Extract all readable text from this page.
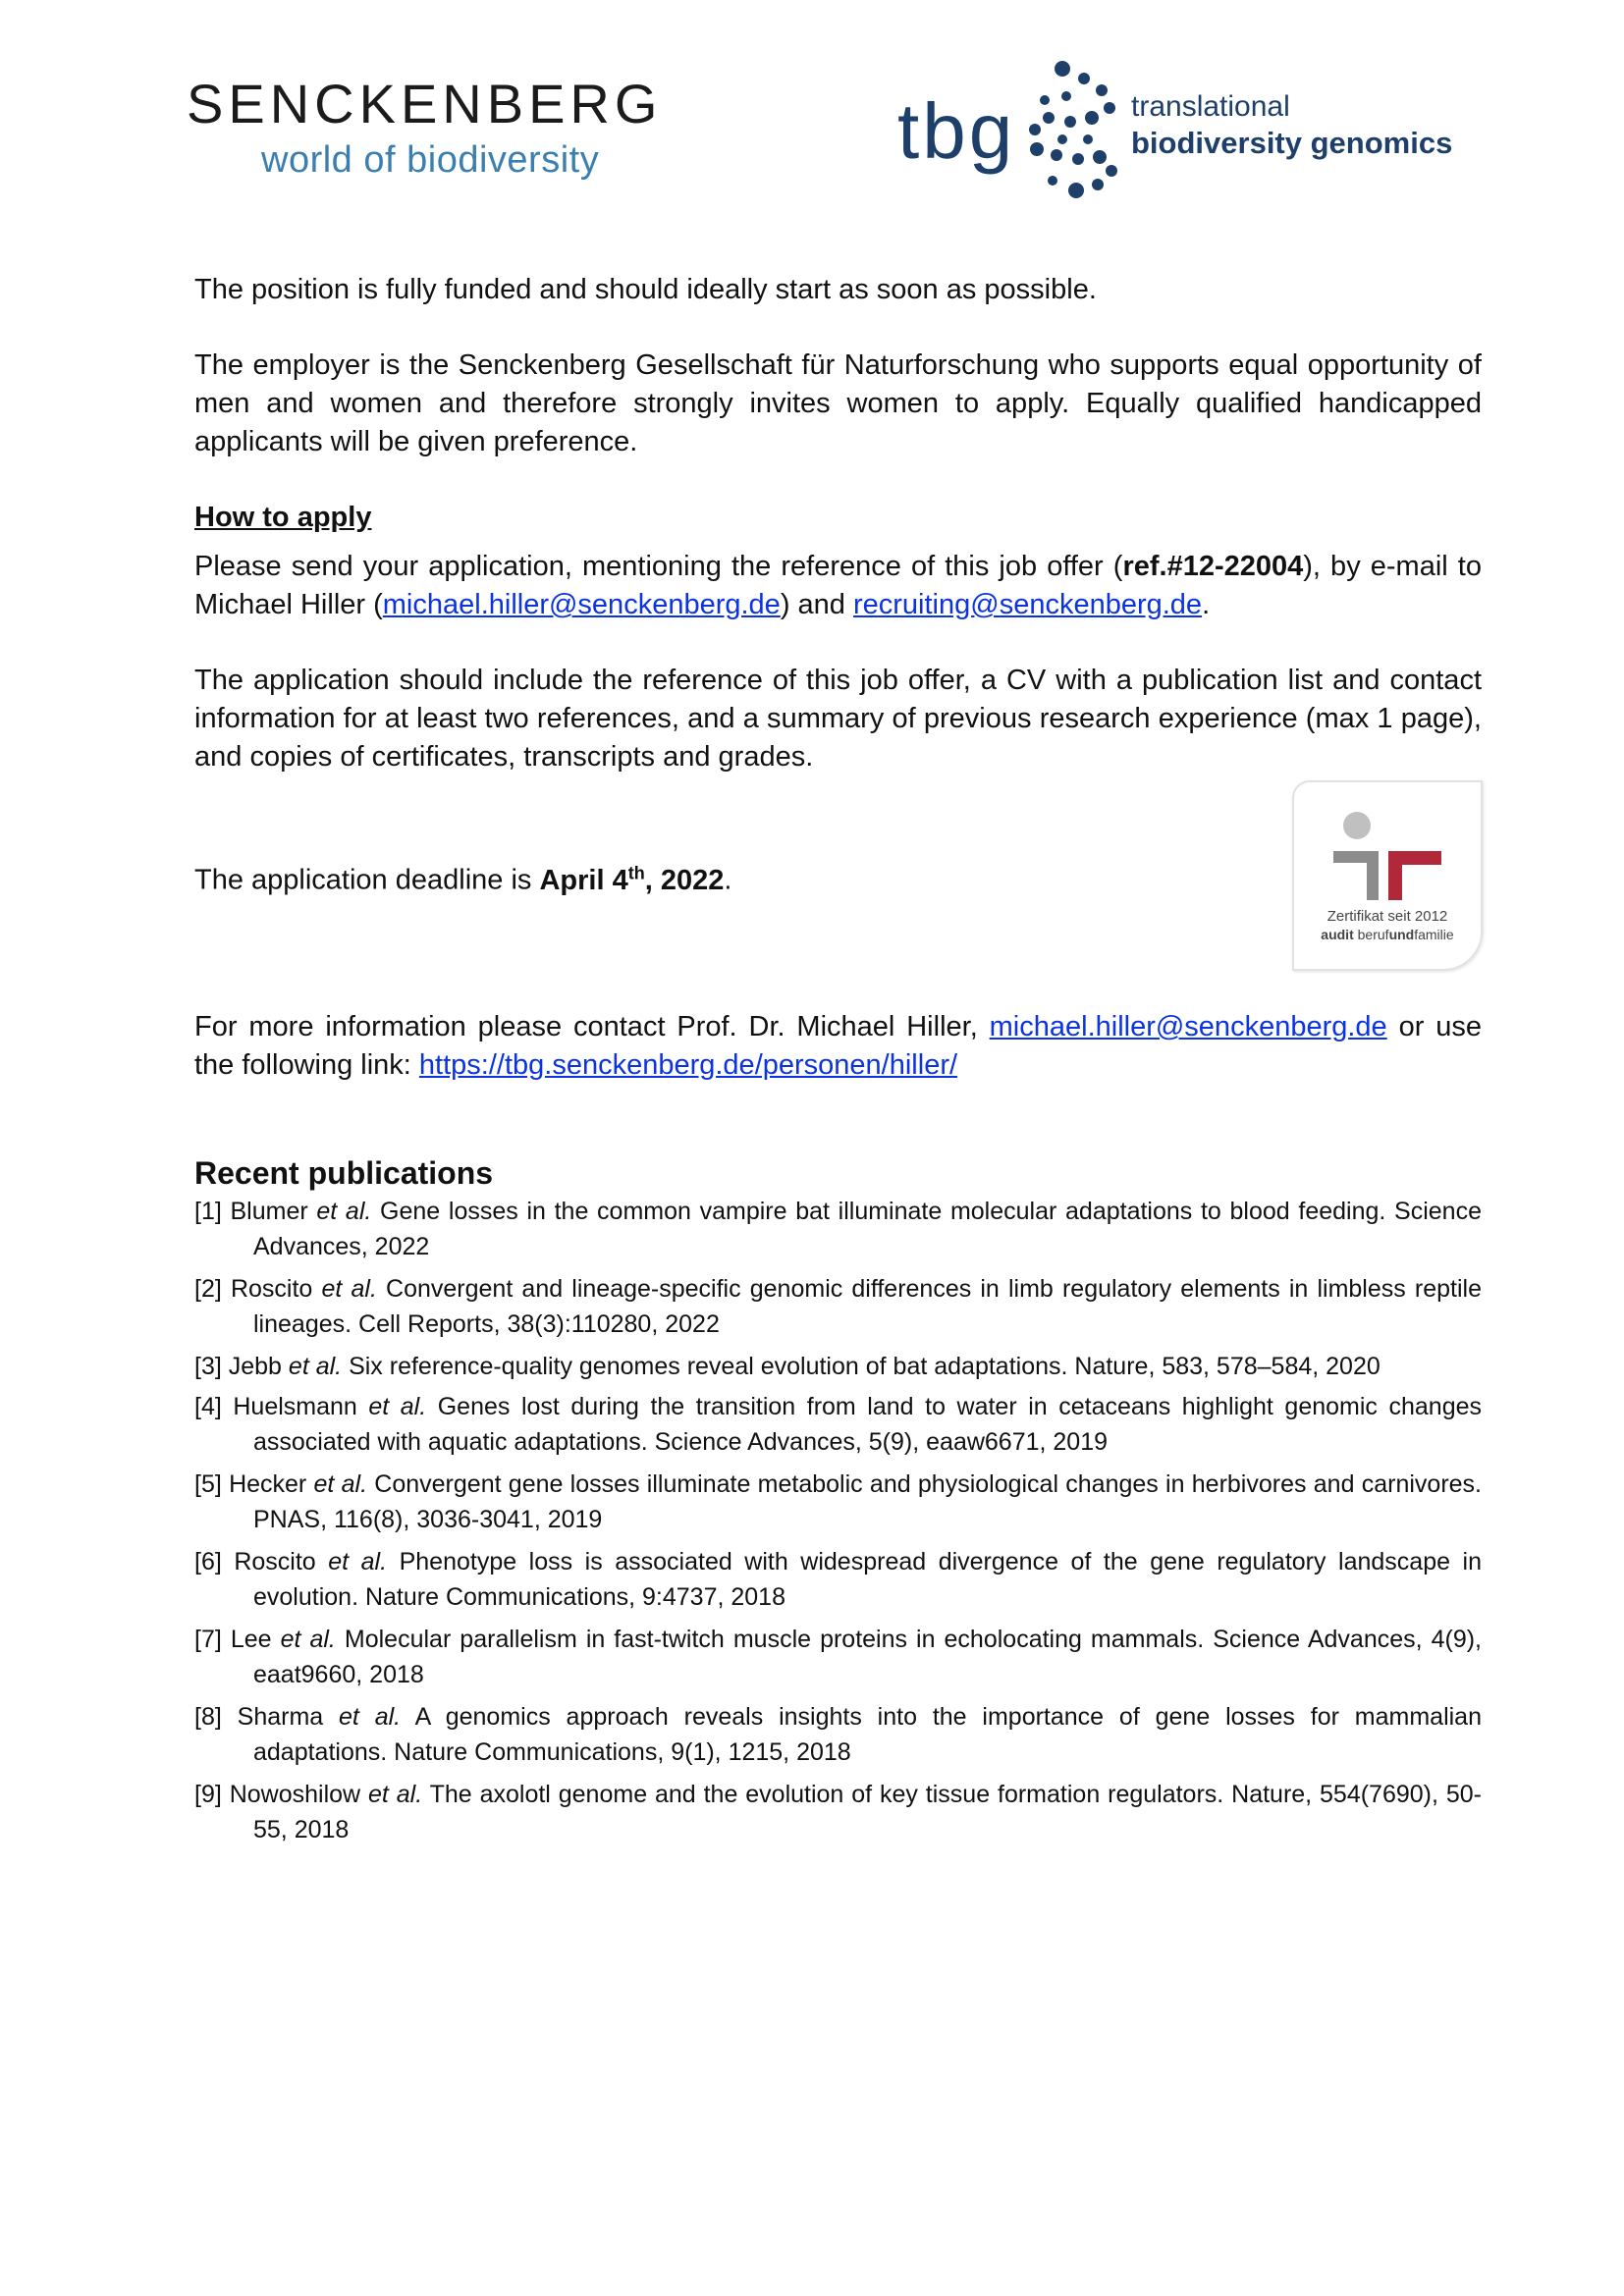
SENCKENBERG
world of biodiversity	tbg	translational
biodiversity genomics
The position is fully funded and should ideally start as soon as possible.
The employer is the Senckenberg Gesellschaft für Naturforschung who supports equal opportunity of men and women and therefore strongly invites women to apply. Equally qualified handicapped applicants will be given preference.
How to apply
Please send your application, mentioning the reference of this job offer (ref.#12-22004), by e-mail to Michael Hiller (michael.hiller@senckenberg.de) and recruiting@senckenberg.de.
The application should include the reference of this job offer, a CV with a publication list and contact information for at least two references, and a summary of previous research experience (max 1 page), and copies of certificates, transcripts and grades.
The application deadline is April 4th, 2022.
Zertifikat seit 2012
audit berufundfamilie
For more information please contact Prof. Dr. Michael Hiller, michael.hiller@senckenberg.de or use the following link: https://tbg.senckenberg.de/personen/hiller/
Recent publications
[1] Blumer et al. Gene losses in the common vampire bat illuminate molecular adaptations to blood feeding. Science Advances, 2022
[2] Roscito et al. Convergent and lineage-specific genomic differences in limb regulatory elements in limbless reptile lineages. Cell Reports, 38(3):110280, 2022
[3] Jebb et al. Six reference-quality genomes reveal evolution of bat adaptations. Nature, 583, 578–584, 2020
[4] Huelsmann et al. Genes lost during the transition from land to water in cetaceans highlight genomic changes associated with aquatic adaptations. Science Advances, 5(9), eaaw6671, 2019
[5] Hecker et al. Convergent gene losses illuminate metabolic and physiological changes in herbivores and carnivores. PNAS, 116(8), 3036-3041, 2019
[6] Roscito et al. Phenotype loss is associated with widespread divergence of the gene regulatory landscape in evolution. Nature Communications, 9:4737, 2018
[7] Lee et al. Molecular parallelism in fast-twitch muscle proteins in echolocating mammals. Science Advances, 4(9), eaat9660, 2018
[8] Sharma et al. A genomics approach reveals insights into the importance of gene losses for mammalian adaptations. Nature Communications, 9(1), 1215, 2018
[9] Nowoshilow et al. The axolotl genome and the evolution of key tissue formation regulators. Nature, 554(7690), 50-55, 2018
